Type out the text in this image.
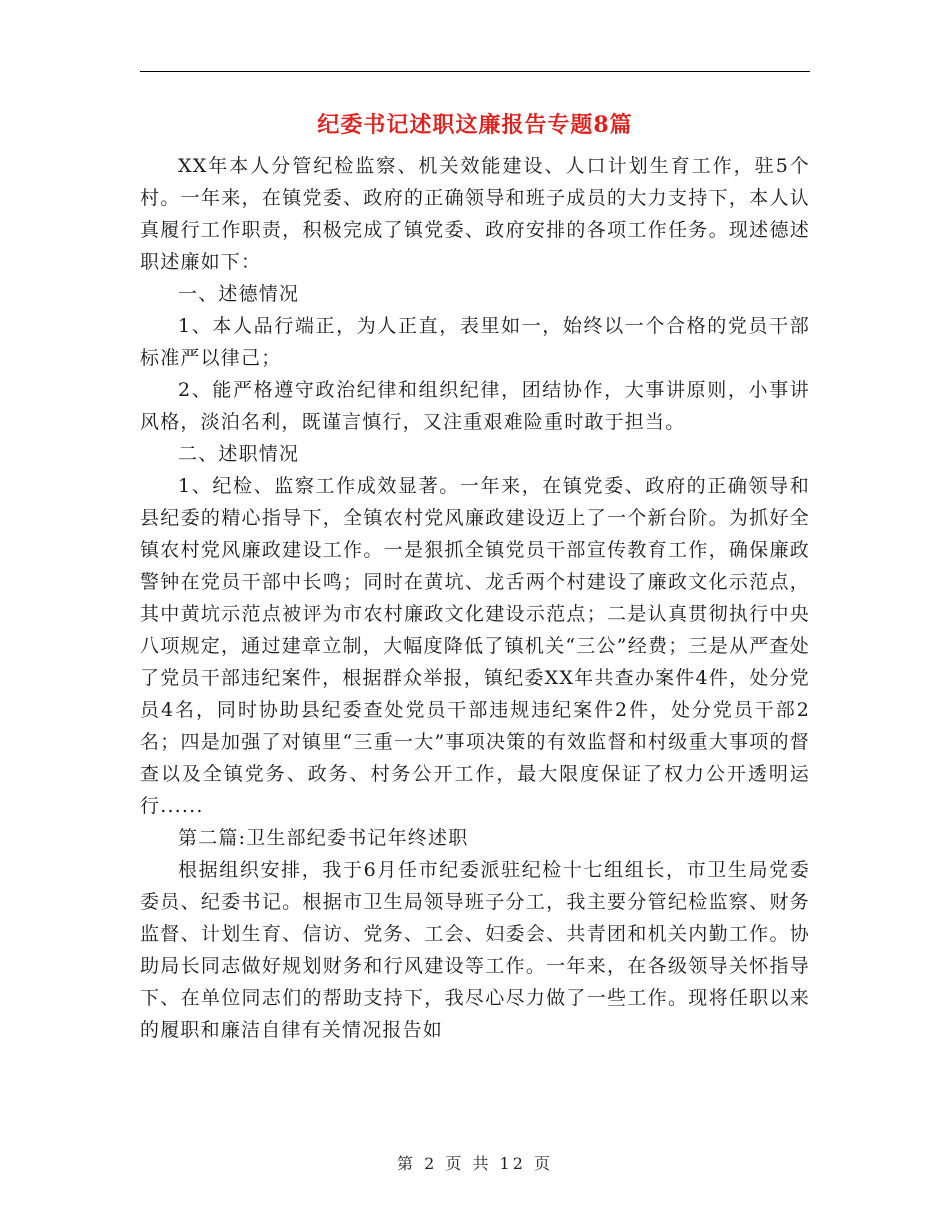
纪委书记述职这廉报告专题8篇

XX年本人分管纪检监察、机关效能建设、人口计划生育工作，驻5个村。一年来，在镇党委、政府的正确领导和班子成员的大力支持下，本人认真履行工作职责，积极完成了镇党委、政府安排的各项工作任务。现述德述职述廉如下：

一、述德情况

1、本人品行端正，为人正直，表里如一，始终以一个合格的党员干部标准严以律己；

2、能严格遵守政治纪律和组织纪律，团结协作，大事讲原则，小事讲风格，淡泊名利，既谨言慎行，又注重艰难险重时敢于担当。

二、述职情况

1、纪检、监察工作成效显著。一年来，在镇党委、政府的正确领导和县纪委的精心指导下，全镇农村党风廉政建设迈上了一个新台阶。为抓好全镇农村党风廉政建设工作。一是狠抓全镇党员干部宣传教育工作，确保廉政警钟在党员干部中长鸣；同时在黄坑、龙舌两个村建设了廉政文化示范点，其中黄坑示范点被评为市农村廉政文化建设示范点；二是认真贯彻执行中央八项规定，通过建章立制，大幅度降低了镇机关“三公”经费；三是从严查处了党员干部违纪案件，根据群众举报，镇纪委XX年共查办案件4件，处分党员4名，同时协助县纪委查处党员干部违规违纪案件2件，处分党员干部2名；四是加强了对镇里“三重一大”事项决策的有效监督和村级重大事项的督查以及全镇党务、政务、村务公开工作，最大限度保证了权力公开透明运行......

第二篇:卫生部纪委书记年终述职

根据组织安排，我于6月任市纪委派驻纪检十七组组长，市卫生局党委委员、纪委书记。根据市卫生局领导班子分工，我主要分管纪检监察、财务监督、计划生育、信访、党务、工会、妇委会、共青团和机关内勤工作。协助局长同志做好规划财务和行风建设等工作。一年来，在各级领导关怀指导下、在单位同志们的帮助支持下，我尽心尽力做了一些工作。现将任职以来的履职和廉洁自律有关情况报告如

第 2 页 共 12 页
